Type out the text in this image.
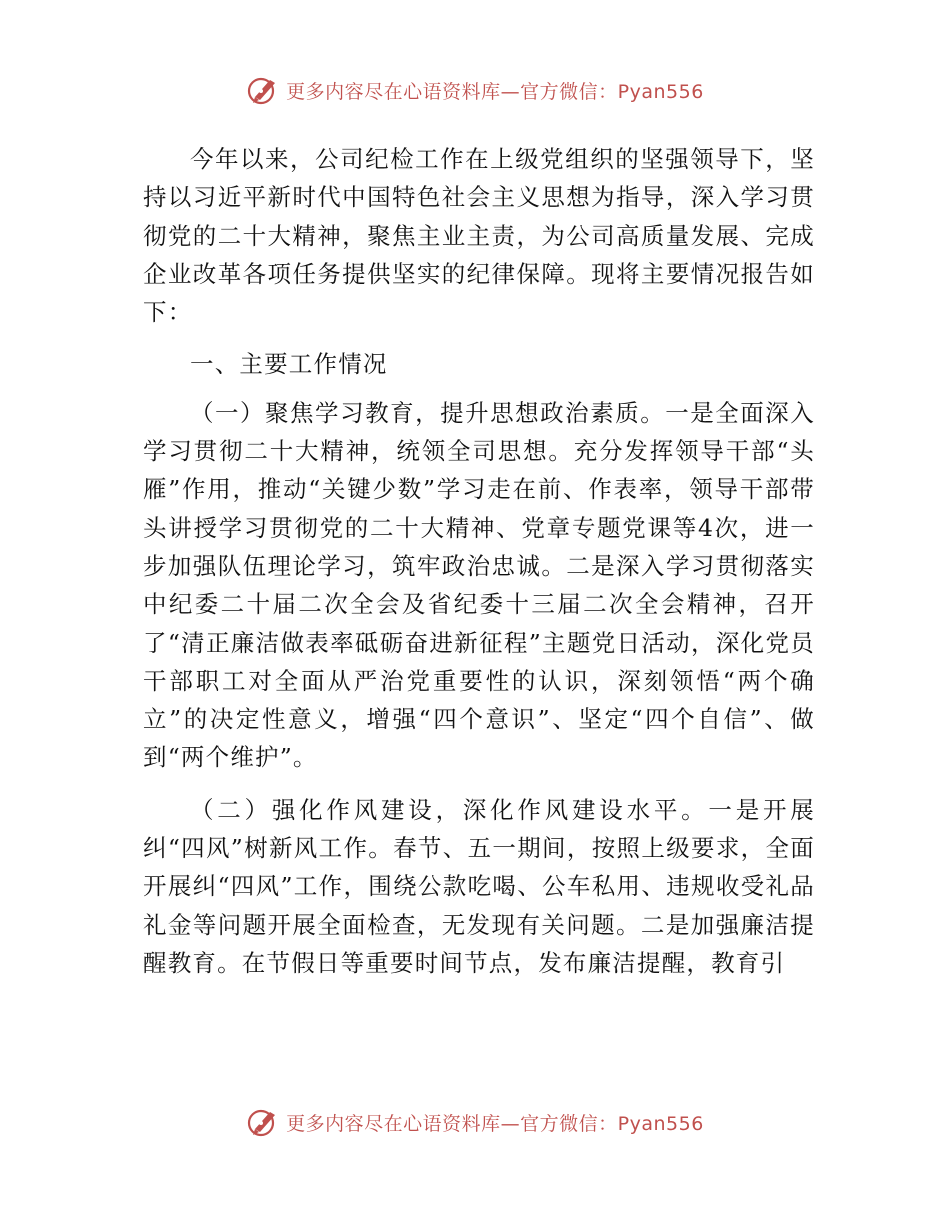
更多内容尽在心语资料库—官方微信：Pyan556

今年以来，公司纪检工作在上级党组织的坚强领导下，坚持以习近平新时代中国特色社会主义思想为指导，深入学习贯彻党的二十大精神，聚焦主业主责，为公司高质量发展、完成企业改革各项任务提供坚实的纪律保障。现将主要情况报告如下：

一、主要工作情况

（一）聚焦学习教育，提升思想政治素质。一是全面深入学习贯彻二十大精神，统领全司思想。充分发挥领导干部“头雁”作用，推动“关键少数”学习走在前、作表率，领导干部带头讲授学习贯彻党的二十大精神、党章专题党课等4次，进一步加强队伍理论学习，筑牢政治忠诚。二是深入学习贯彻落实中纪委二十届二次全会及省纪委十三届二次全会精神，召开了“清正廉洁做表率砥砺奋进新征程”主题党日活动，深化党员干部职工对全面从严治党重要性的认识，深刻领悟“两个确立”的决定性意义，增强“四个意识”、坚定“四个自信”、做到“两个维护”。

（二）强化作风建设，深化作风建设水平。一是开展纠“四风”树新风工作。春节、五一期间，按照上级要求，全面开展纠“四风”工作，围绕公款吃喝、公车私用、违规收受礼品礼金等问题开展全面检查，无发现有关问题。二是加强廉洁提醒教育。在节假日等重要时间节点，发布廉洁提醒，教育引

更多内容尽在心语资料库—官方微信：Pyan556
